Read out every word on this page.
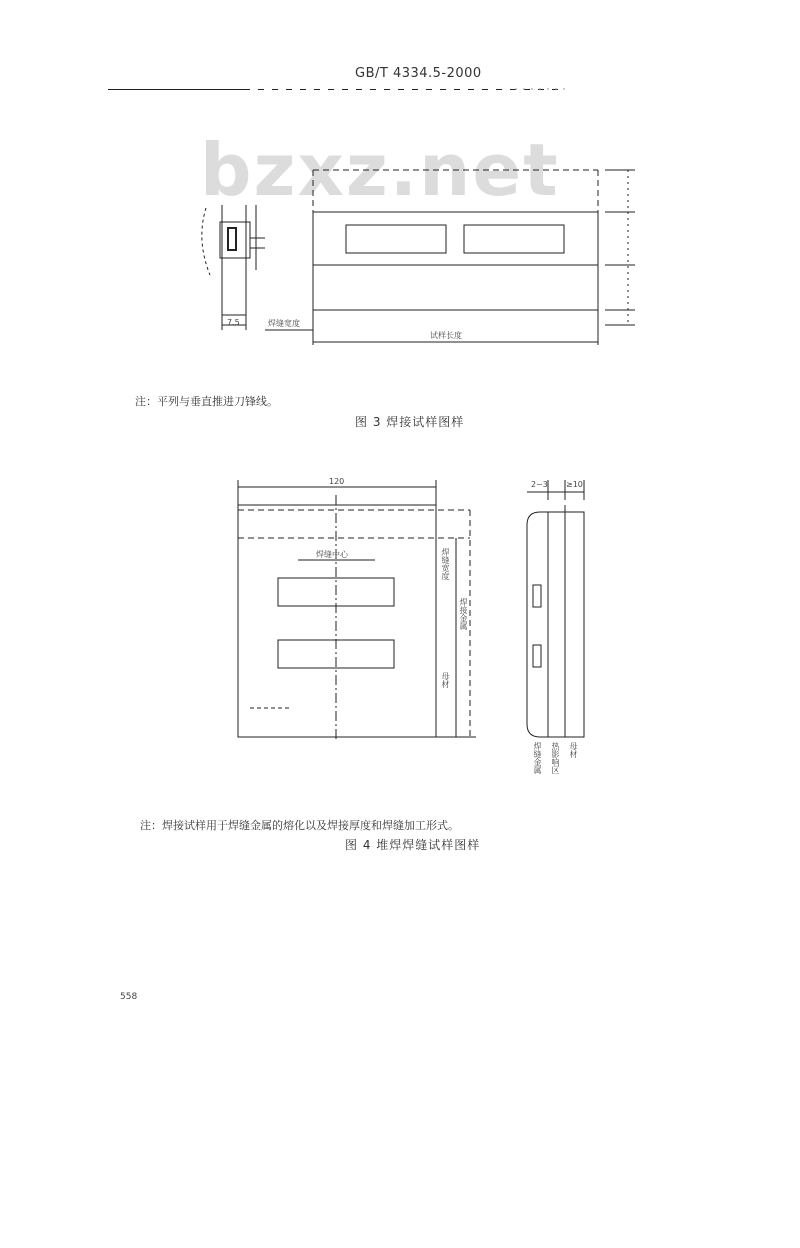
GB/T 4334.5-2000
bzxz.net
7.5	焊缝宽度
试样长度
注：平列与垂直推进刀锋线。
图 3 焊接试样图样
120	2~3 ≥10
焊缝中心	焊缝宽度
焊接金属
母材
焊缝金属 热影响区 母材
注：焊接试样用于焊缝金属的熔化以及焊接厚度和焊缝加工形式。
图 4 堆焊焊缝试样图样
558
